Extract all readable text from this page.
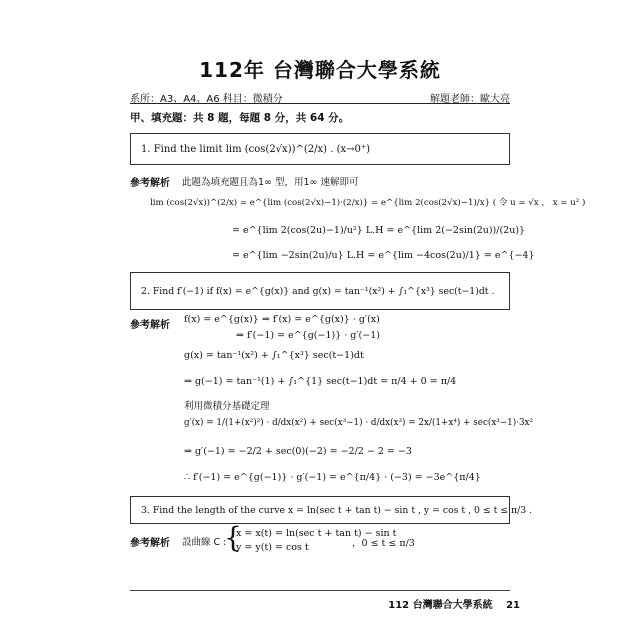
112年 台灣聯合大學系統
系所：A3、A4、A6 科目：微積分	解題老師：歐大亮
甲、填充題：共 8 題，每題 8 分，共 64 分。
1. Find the limit lim (cos(2√x))^(2/x) . (x→0⁺)
參考解析 此題為填充題且為1∞ 型，用1∞ 速解即可
lim (cos(2√x))^(2/x) = e^{lim (cos(2√x)−1)·(2/x)} = e^{lim 2(cos(2√x)−1)/x} ( 令 u = √x ， x = u² )
= e^{lim 2(cos(2u)−1)/u²} L.H = e^{lim 2(−2sin(2u))/(2u)}
= e^{lim −2sin(2u)/u} L.H = e^{lim −4cos(2u)/1} = e^{−4}
2. Find f′(−1) if f(x) = e^{g(x)} and g(x) = tan⁻¹(x²) + ∫₁^{x³} sec(t−1)dt .
參考解析
f(x) = e^{g(x)} ⇒ f′(x) = e^{g(x)} · g′(x)
⇒ f′(−1) = e^{g(−1)} · g′(−1)
g(x) = tan⁻¹(x²) + ∫₁^{x³} sec(t−1)dt
⇒ g(−1) = tan⁻¹(1) + ∫₁^{1} sec(t−1)dt = π/4 + 0 = π/4
利用微積分基礎定理
g′(x) = 1/(1+(x²)²) · d/dx(x²) + sec(x³−1) · d/dx(x³) = 2x/(1+x⁴) + sec(x³−1)·3x²
⇒ g′(−1) = −2/2 + sec(0)(−2) = −2/2 − 2 = −3
∴ f′(−1) = e^{g(−1)} · g′(−1) = e^{π/4} · (−3) = −3e^{π/4}
3. Find the length of the curve x = ln(sec t + tan t) − sin t , y = cos t , 0 ≤ t ≤ π/3 .
參考解析 設曲線 C :
{
x = x(t) = ln(sec t + tan t) − sin t
y = y(t) = cos t	，0 ≤ t ≤ π/3
112 台灣聯合大學系統 21
